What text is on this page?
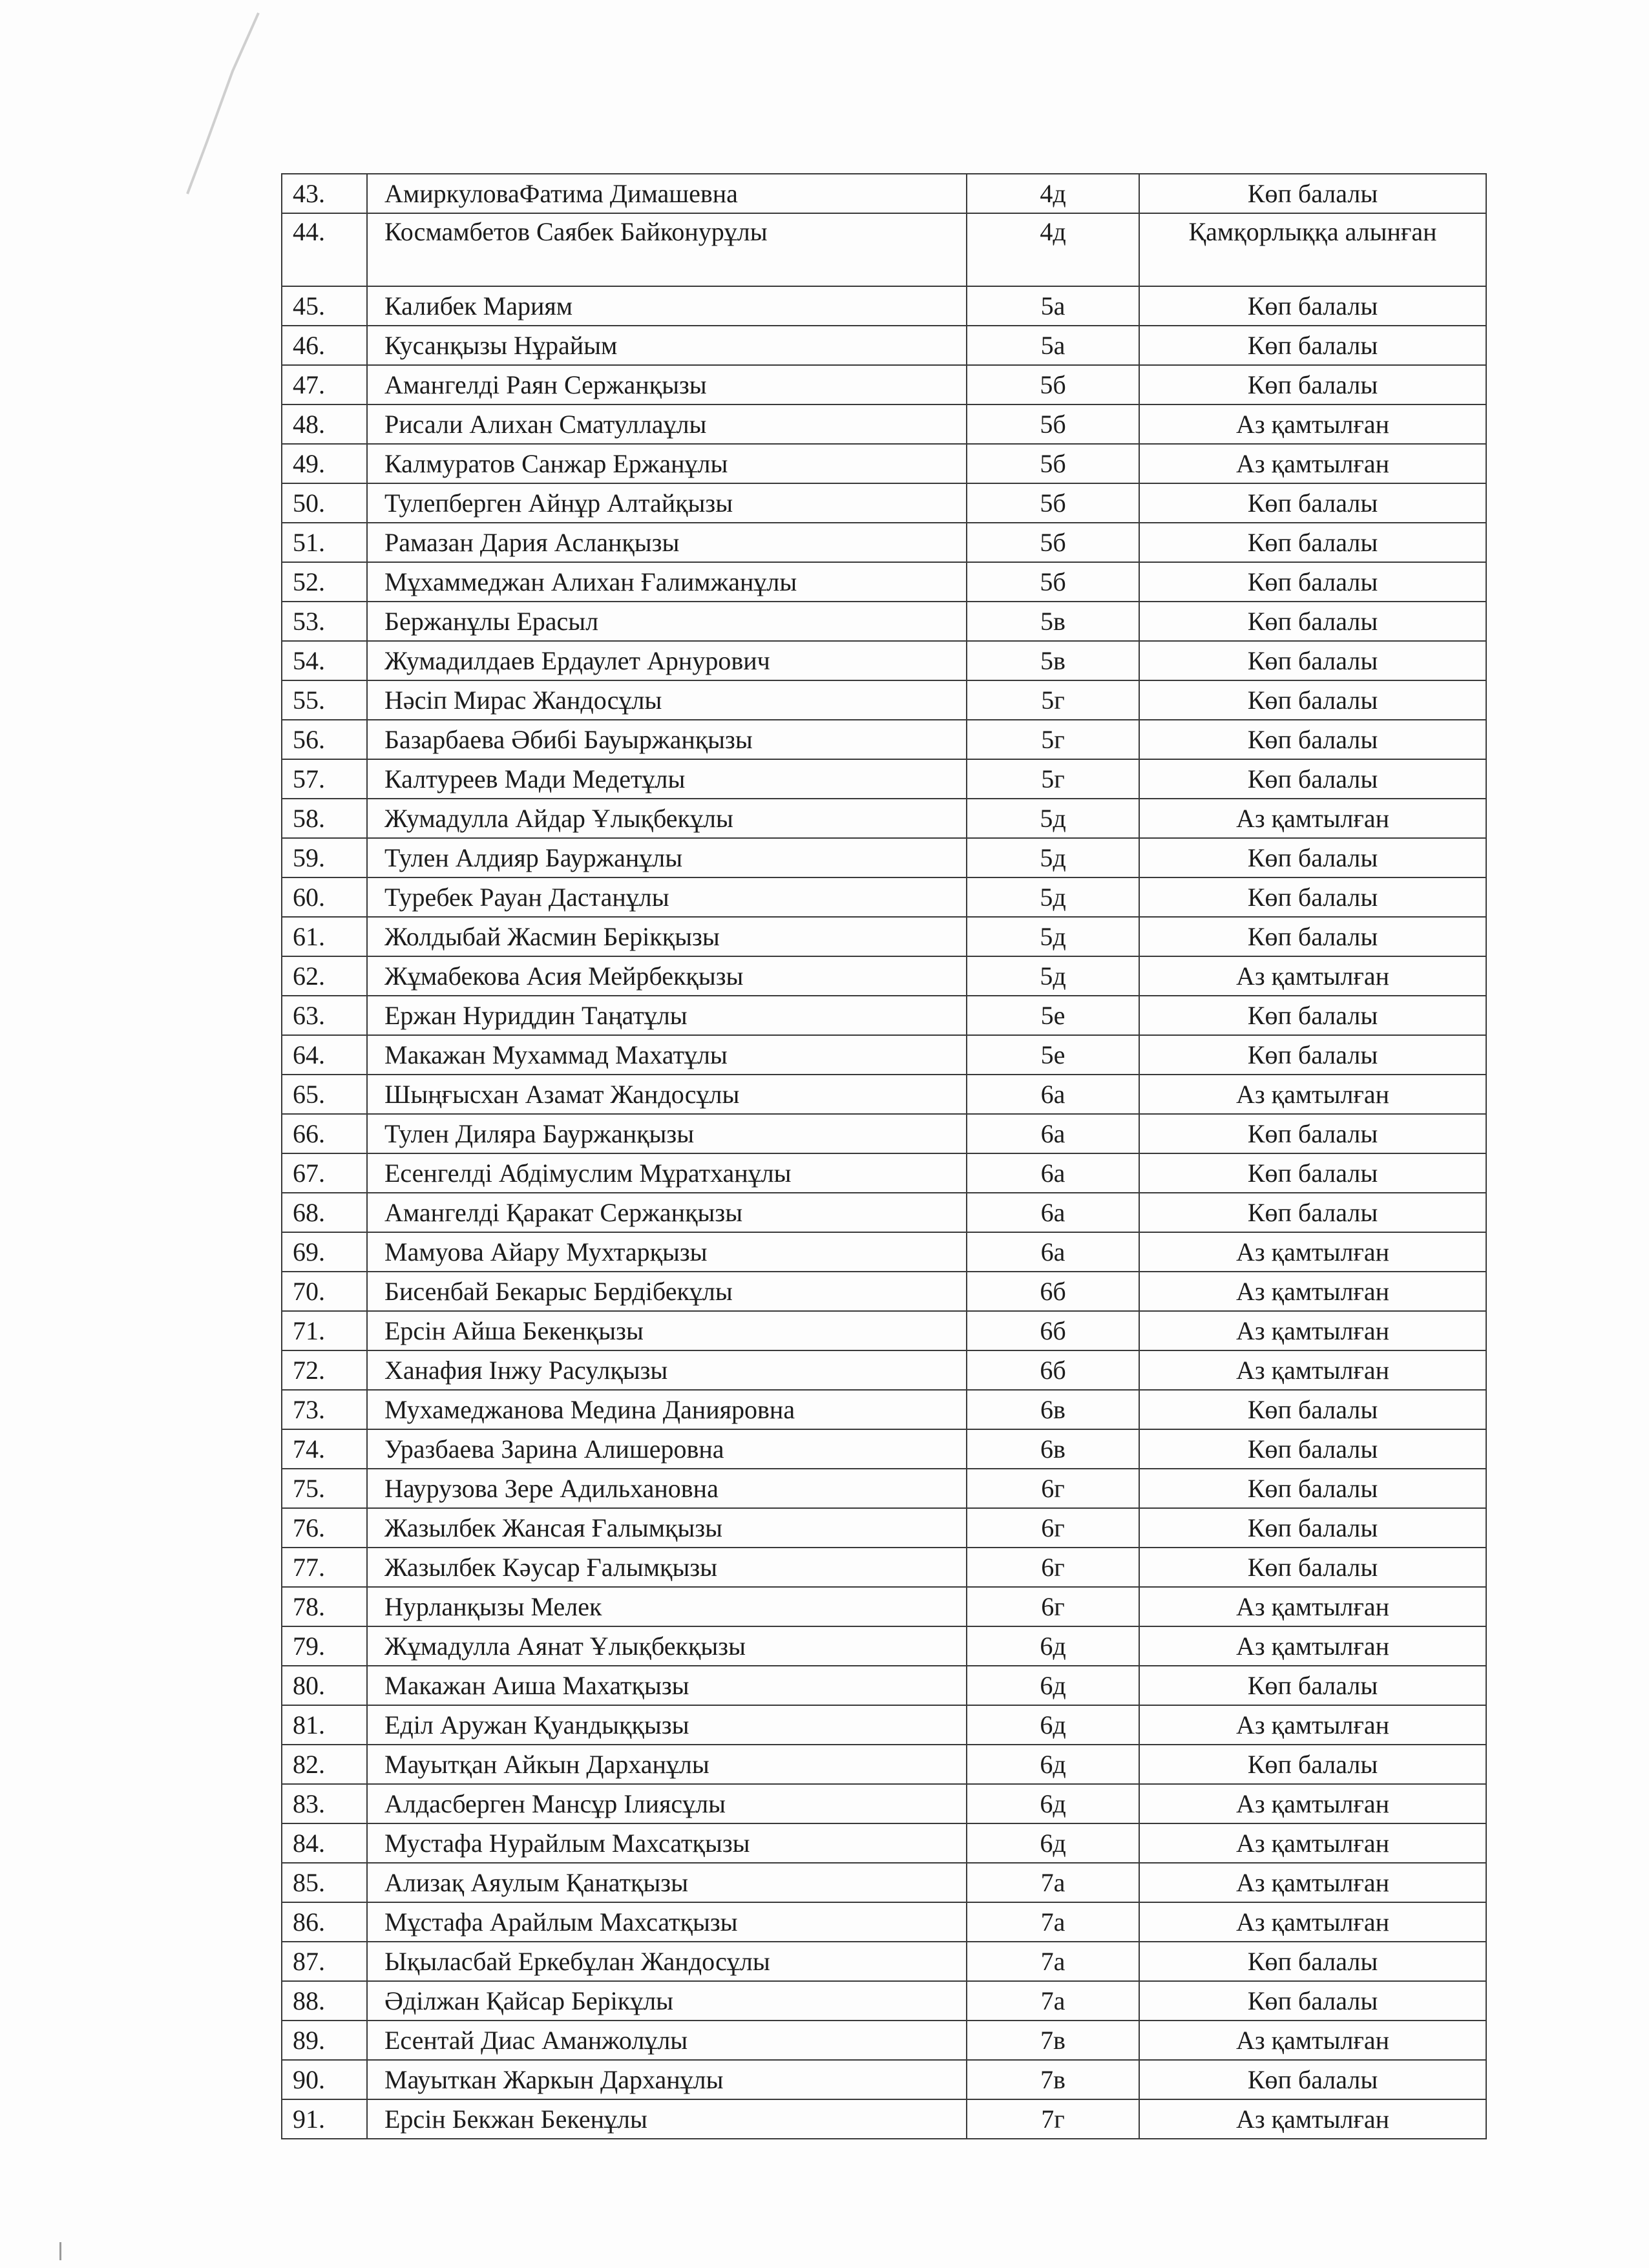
43.	АмиркуловаФатима Димашевна	4д	Көп балалы
44.	Космамбетов Саябек Байконурұлы	4д	Қамқорлыққа алынған
45.	Калибек Мариям	5а	Көп балалы
46.	Кусанқызы Нұрайым	5а	Көп балалы
47.	Амангелді Раян Сержанқызы	5б	Көп балалы
48.	Рисали Алихан Сматуллаұлы	5б	Аз қамтылған
49.	Калмуратов Санжар Ержанұлы	5б	Аз қамтылған
50.	Тулепберген Айнұр Алтайқызы	5б	Көп балалы
51.	Рамазан Дария Асланқызы	5б	Көп балалы
52.	Мұхаммеджан Алихан Ғалимжанұлы	5б	Көп балалы
53.	Бержанұлы Ерасыл	5в	Көп балалы
54.	Жумадилдаев Ердаулет Арнурович	5в	Көп балалы
55.	Нәсіп Мирас Жандосұлы	5г	Көп балалы
56.	Базарбаева Әбибі Бауыржанқызы	5г	Көп балалы
57.	Калтуреев Мади Медетұлы	5г	Көп балалы
58.	Жумадулла Айдар Ұлықбекұлы	5д	Аз қамтылған
59.	Тулен Алдияр Бауржанұлы	5д	Көп балалы
60.	Туребек Рауан Дастанұлы	5д	Көп балалы
61.	Жолдыбай Жасмин Берікқызы	5д	Көп балалы
62.	Жұмабекова Асия Мейрбекқызы	5д	Аз қамтылған
63.	Ержан Нуриддин Таңатұлы	5е	Көп балалы
64.	Макажан Мухаммад Махатұлы	5е	Көп балалы
65.	Шыңғысхан Азамат Жандосұлы	6а	Аз қамтылған
66.	Тулен Диляра Бауржанқызы	6а	Көп балалы
67.	Есенгелді Абдімуслим Мұратханұлы	6а	Көп балалы
68.	Амангелді Қаракат Сержанқызы	6а	Көп балалы
69.	Мамуова Айару Мухтарқызы	6а	Аз қамтылған
70.	Бисенбай Бекарыс Бердібекұлы	6б	Аз қамтылған
71.	Ерсін Айша Бекенқызы	6б	Аз қамтылған
72.	Ханафия Інжу Расулқызы	6б	Аз қамтылған
73.	Мухамеджанова Медина Данияровна	6в	Көп балалы
74.	Уразбаева Зарина Алишеровна	6в	Көп балалы
75.	Наурузова Зере Адильхановна	6г	Көп балалы
76.	Жазылбек Жансая Ғалымқызы	6г	Көп балалы
77.	Жазылбек Кәусар Ғалымқызы	6г	Көп балалы
78.	Нурланқызы Мелек	6г	Аз қамтылған
79.	Жұмадулла Аянат Ұлықбекқызы	6д	Аз қамтылған
80.	Макажан Аиша Махатқызы	6д	Көп балалы
81.	Еділ Аружан Қуандыққызы	6д	Аз қамтылған
82.	Мауытқан Айкын Дарханұлы	6д	Көп балалы
83.	Алдасберген Мансұр Ілиясұлы	6д	Аз қамтылған
84.	Мустафа Нурайлым Махсатқызы	6д	Аз қамтылған
85.	Ализақ Аяулым Қанатқызы	7а	Аз қамтылған
86.	Мұстафа Арайлым Махсатқызы	7а	Аз қамтылған
87.	Ықыласбай Еркебұлан Жандосұлы	7а	Көп балалы
88.	Әділжан Қайсар Берікұлы	7а	Көп балалы
89.	Есентай Диас Аманжолұлы	7в	Аз қамтылған
90.	Мауыткан Жаркын Дарханұлы	7в	Көп балалы
91.	Ерсін Бекжан Бекенұлы	7г	Аз қамтылған
